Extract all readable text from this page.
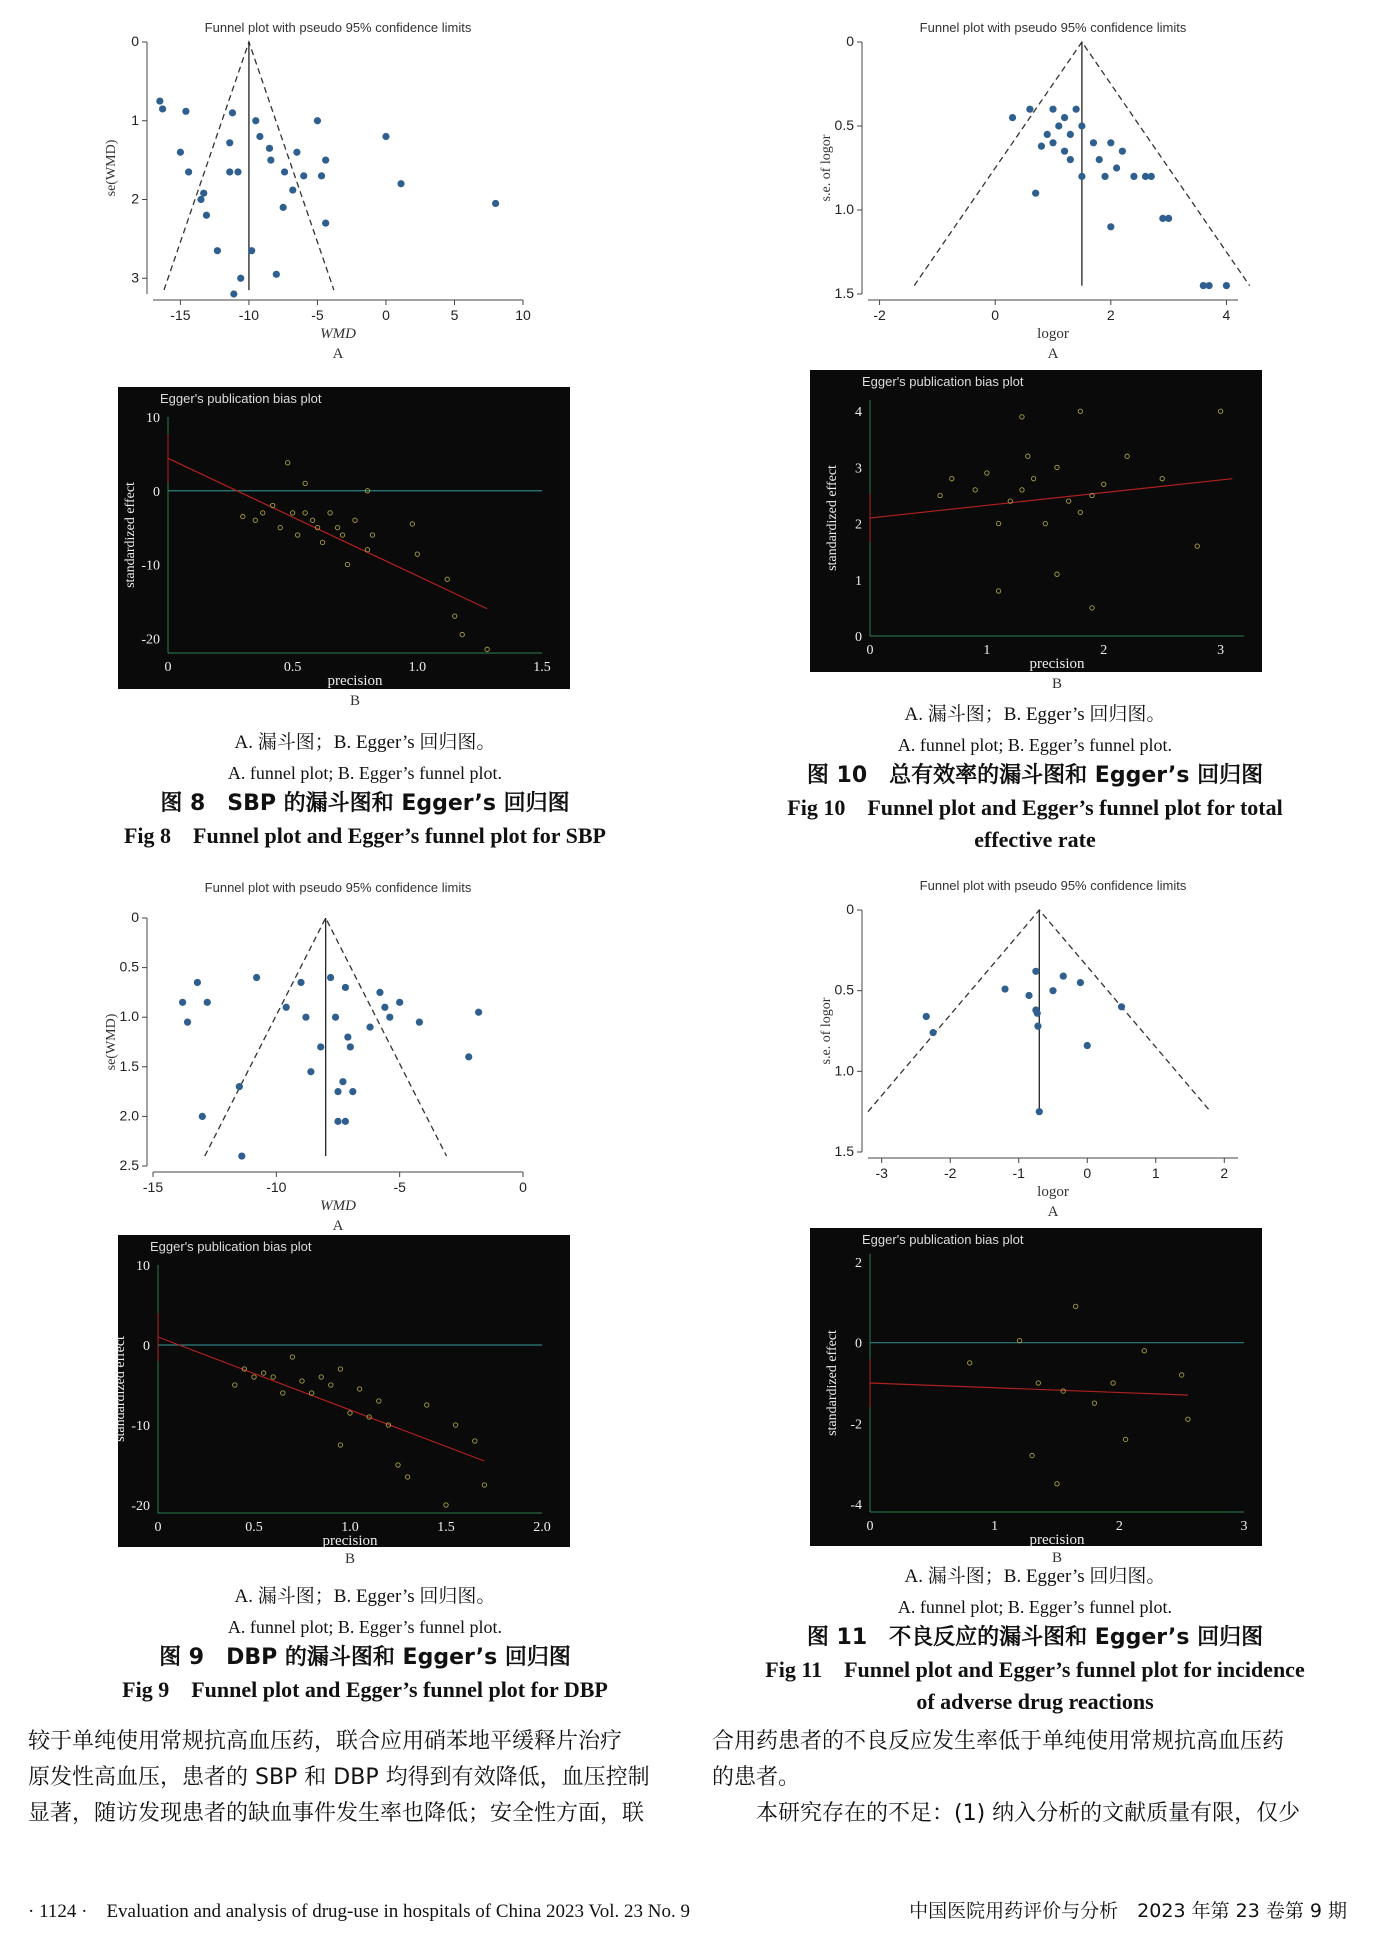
Funnel plot with pseudo 95% confidence limits
0
1
2
3
-15	-10	-5	0	5	10
WMD
se(WMD)
A
Egger's publication bias plot
10
0
-10
-20
0	0.5	1.0	1.5
precision
standardized effect
B
A. 漏斗图；B. Egger’s 回归图。
A. funnel plot; B. Egger’s funnel plot.
图 8　SBP 的漏斗图和 Egger’s 回归图
Fig 8　Funnel plot and Egger’s funnel plot for SBP
Funnel plot with pseudo 95% confidence limits
0
0.5
1.0
1.5
-2	0	2	4
logor
s.e. of logor
A
Egger's publication bias plot
4
3
2
1
0
0	1	2	3
precision
standardized effect
B
A. 漏斗图；B. Egger’s 回归图。
A. funnel plot; B. Egger’s funnel plot.
图 10　总有效率的漏斗图和 Egger’s 回归图
Fig 10　Funnel plot and Egger’s funnel plot for total
effective rate
Funnel plot with pseudo 95% confidence limits
0
0.5
1.0
1.5
2.0
2.5
-15	-10	-5	0
WMD
se(WMD)
A
Egger's publication bias plot
10
0
-10
-20
0	0.5	1.0	1.5	2.0
precision
standardized effect
B
A. 漏斗图；B. Egger’s 回归图。
A. funnel plot; B. Egger’s funnel plot.
图 9　DBP 的漏斗图和 Egger’s 回归图
Fig 9　Funnel plot and Egger’s funnel plot for DBP
Funnel plot with pseudo 95% confidence limits
0
0.5
1.0
1.5
-3	-2	-1	0	1	2
logor
s.e. of logor
A
Egger's publication bias plot
2
0
-2
-4
0	1	2	3
precision
standardized effect
B
A. 漏斗图；B. Egger’s 回归图。
A. funnel plot; B. Egger’s funnel plot.
图 11　不良反应的漏斗图和 Egger’s 回归图
Fig 11　Funnel plot and Egger’s funnel plot for incidence
of adverse drug reactions
较于单纯使用常规抗高血压药，联合应用硝苯地平缓释片治疗
原发性高血压，患者的 SBP 和 DBP 均得到有效降低，血压控制
显著，随访发现患者的缺血事件发生率也降低；安全性方面，联
合用药患者的不良反应发生率低于单纯使用常规抗高血压药
的患者。
　　本研究存在的不足：(1) 纳入分析的文献质量有限，仅少
· 1124 ·　Evaluation and analysis of drug-use in hospitals of China 2023 Vol. 23 No. 9	中国医院用药评价与分析　2023 年第 23 卷第 9 期
